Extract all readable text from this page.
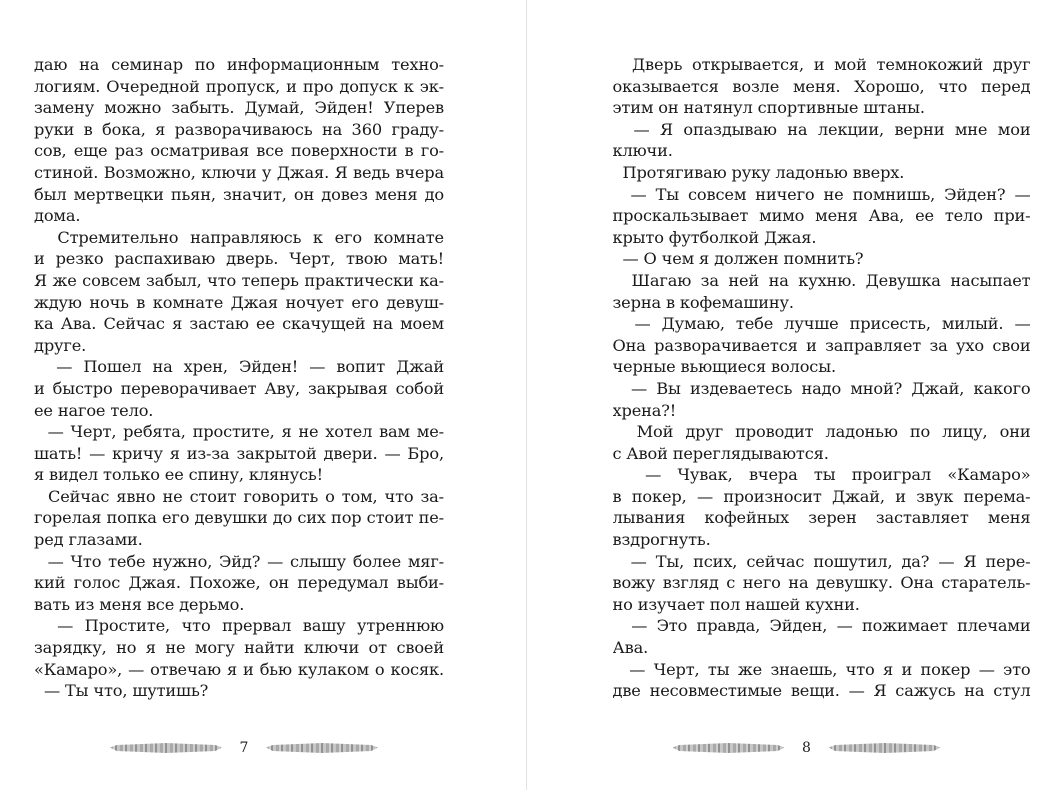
даю на семинар по информационным техно-
логиям. Очередной пропуск, и про допуск к эк-
замену можно забыть. Думай, Эйден! Уперев
руки в бока, я разворачиваюсь на 360 граду-
сов, еще раз осматривая все поверхности в го-
стиной. Возможно, ключи у Джая. Я ведь вчера
был мертвецки пьян, значит, он довез меня до
дома.
Стремительно направляюсь к его комнате
и резко распахиваю дверь. Черт, твою мать!
Я же совсем забыл, что теперь практически ка-
ждую ночь в комнате Джая ночует его девуш-
ка Ава. Сейчас я застаю ее скачущей на моем
друге.
— Пошел на хрен, Эйден! — вопит Джай
и быстро переворачивает Аву, закрывая собой
ее нагое тело.
— Черт, ребята, простите, я не хотел вам ме-
шать! — кричу я из-за закрытой двери. — Бро,
я видел только ее спину, клянусь!
Сейчас явно не стоит говорить о том, что за-
горелая попка его девушки до сих пор стоит пе-
ред глазами.
— Что тебе нужно, Эйд? — слышу более мяг-
кий голос Джая. Похоже, он передумал выби-
вать из меня все дерьмо.
— Простите, что прервал вашу утреннюю
зарядку, но я не могу найти ключи от своей
«Камаро», — отвечаю я и бью кулаком о косяк.
— Ты что, шутишь?
7
Дверь открывается, и мой темнокожий друг
оказывается возле меня. Хорошо, что перед
этим он натянул спортивные штаны.
— Я опаздываю на лекции, верни мне мои
ключи.
Протягиваю руку ладонью вверх.
— Ты совсем ничего не помнишь, Эйден? —
проскальзывает мимо меня Ава, ее тело при-
крыто футболкой Джая.
— О чем я должен помнить?
Шагаю за ней на кухню. Девушка насыпает
зерна в кофемашину.
— Думаю, тебе лучше присесть, милый. —
Она разворачивается и заправляет за ухо свои
черные вьющиеся волосы.
— Вы издеваетесь надо мной? Джай, какого
хрена?!
Мой друг проводит ладонью по лицу, они
с Авой переглядываются.
— Чувак, вчера ты проиграл «Камаро»
в покер, — произносит Джай, и звук перема-
лывания кофейных зерен заставляет меня
вздрогнуть.
— Ты, псих, сейчас пошутил, да? — Я пере-
вожу взгляд с него на девушку. Она старатель-
но изучает пол нашей кухни.
— Это правда, Эйден, — пожимает плечами
Ава.
— Черт, ты же знаешь, что я и покер — это
две несовместимые вещи. — Я сажусь на стул
8
